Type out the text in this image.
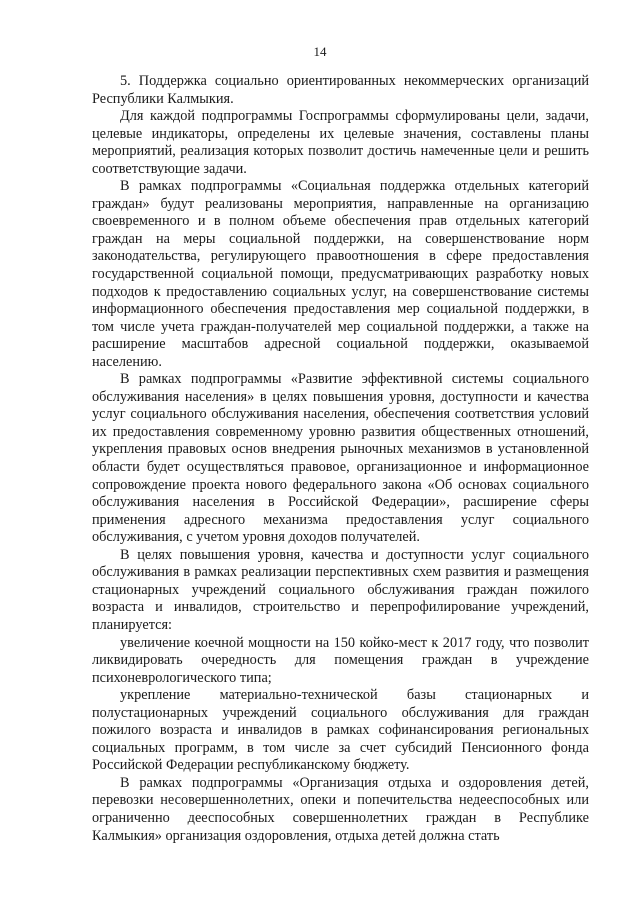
14

5. Поддержка социально ориентированных некоммерческих организаций Республики Калмыкия.

Для каждой подпрограммы Госпрограммы сформулированы цели, задачи, целевые индикаторы, определены их целевые значения, составлены планы мероприятий, реализация которых позволит достичь намеченные цели и решить соответствующие задачи.

В рамках подпрограммы «Социальная поддержка отдельных категорий граждан» будут реализованы мероприятия, направленные на организацию своевременного и в полном объеме обеспечения прав отдельных категорий граждан на меры социальной поддержки, на совершенствование норм законодательства, регулирующего правоотношения в сфере предоставления государственной социальной помощи, предусматривающих разработку новых подходов к предоставлению социальных услуг, на совершенствование системы информационного обеспечения предоставления мер социальной поддержки, в том числе учета граждан-получателей мер социальной поддержки, а также на расширение масштабов адресной социальной поддержки, оказываемой населению.

В рамках подпрограммы «Развитие эффективной системы социального обслуживания населения» в целях повышения уровня, доступности и качества услуг социального обслуживания населения, обеспечения соответствия условий их предоставления современному уровню развития общественных отношений, укрепления правовых основ внедрения рыночных механизмов в установленной области будет осуществляться правовое, организационное и информационное сопровождение проекта нового федерального закона «Об основах социального обслуживания населения в Российской Федерации», расширение сферы применения адресного механизма предоставления услуг социального обслуживания, с учетом уровня доходов получателей.

В целях повышения уровня, качества и доступности услуг социального обслуживания в рамках реализации перспективных схем развития и размещения стационарных учреждений социального обслуживания граждан пожилого возраста и инвалидов, строительство и перепрофилирование учреждений, планируется:

увеличение коечной мощности на 150 койко-мест к 2017 году, что позволит ликвидировать очередность для помещения граждан в учреждение психоневрологического типа;

укрепление материально-технической базы стационарных и полустационарных учреждений социального обслуживания для граждан пожилого возраста и инвалидов в рамках софинансирования региональных социальных программ, в том числе за счет субсидий Пенсионного фонда Российской Федерации республиканскому бюджету.

В рамках подпрограммы «Организация отдыха и оздоровления детей, перевозки несовершеннолетних, опеки и попечительства недееспособных или ограниченно дееспособных совершеннолетних граждан в Республике Калмыкия» организация оздоровления, отдыха детей должна стать
